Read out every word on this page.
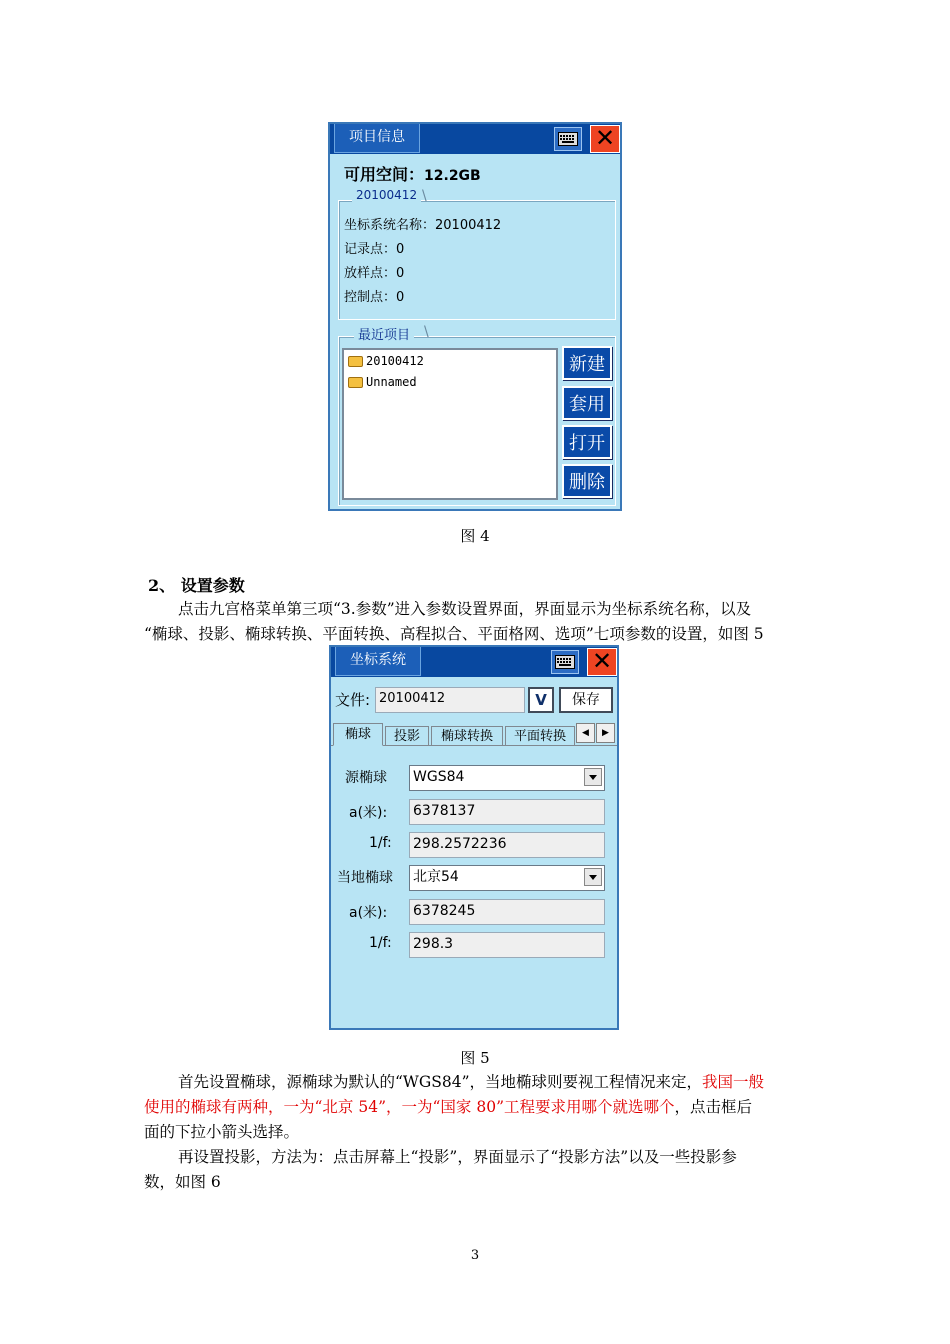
项目信息	✕
可用空间：12.2GB
20100412 \
坐标系统名称：20100412
记录点：0
放样点：0
控制点：0
最近项目 \
20100412
Unnamed
新建
套用
打开
删除
图 4
2、 设置参数
点击九宫格菜单第三项“3.参数”进入参数设置界面，界面显示为坐标系统名称，以及
“椭球、投影、椭球转换、平面转换、高程拟合、平面格网、选项”七项参数的设置，如图 5
坐标系统	✕
文件: 20100412	V	保存
椭球	投影	椭球转换	平面转换	◀	▶
源椭球 WGS84
a(米): 6378137
1/f: 298.2572236
当地椭球 北京54
a(米): 6378245
1/f: 298.3
图 5
首先设置椭球，源椭球为默认的“WGS84”，当地椭球则要视工程情况来定，我国一般
使用的椭球有两种，一为“北京 54”，一为“国家 80”工程要求用哪个就选哪个，点击框后
面的下拉小箭头选择。
再设置投影，方法为：点击屏幕上“投影”，界面显示了“投影方法”以及一些投影参
数，如图 6
3
